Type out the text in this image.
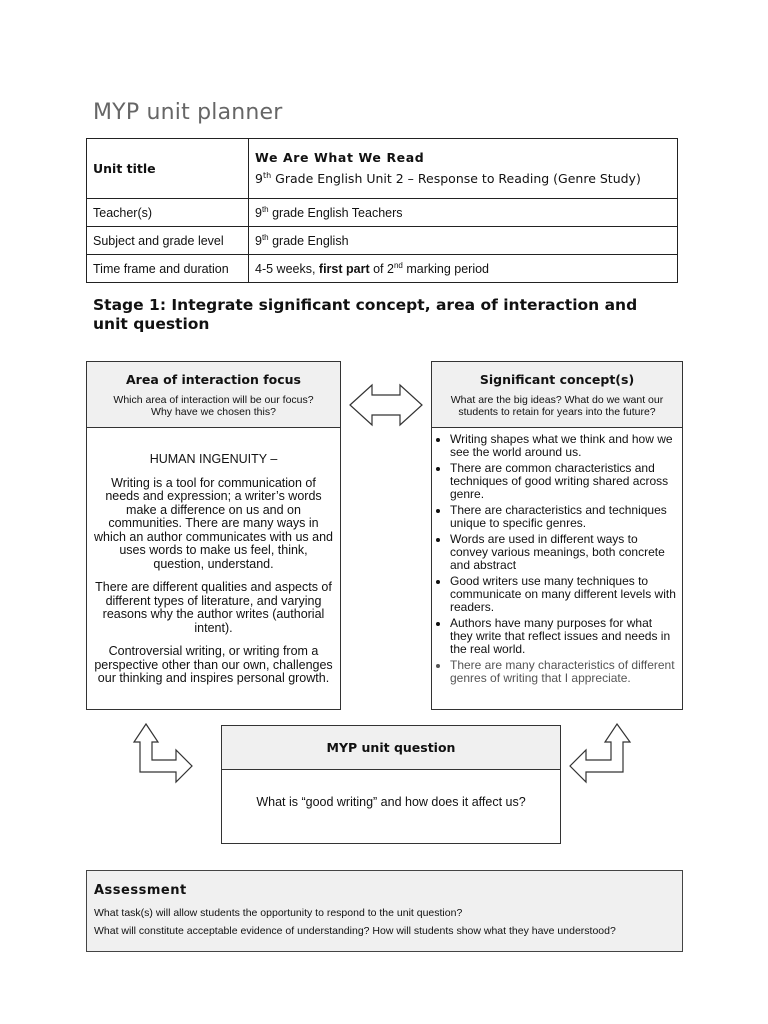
MYP unit planner
Unit title	We Are What We Read
9th Grade English Unit 2 – Response to Reading (Genre Study)

Teacher(s)	9th grade English Teachers
Subject and grade level	9th grade English
Time frame and duration	4-5 weeks, first part of 2nd marking period
Stage 1: Integrate significant concept, area of interaction and unit question
Area of interaction focus
Which area of interaction will be our focus?
Why have we chosen this?

HUMAN INGENUITY –

Writing is a tool for communication of needs and expression; a writer’s words make a difference on us and on communities. There are many ways in which an author communicates with us and uses words to make us feel, think, question, understand.

There are different qualities and aspects of different types of literature, and varying reasons why the author writes (authorial intent).

Controversial writing, or writing from a perspective other than our own, challenges our thinking and inspires personal growth.

Significant concept(s)
What are the big ideas? What do we want our
students to retain for years into the future?
• Writing shapes what we think and how we see the world around us.
• There are common characteristics and techniques of good writing shared across genre.
• There are characteristics and techniques unique to specific genres.
• Words are used in different ways to convey various meanings, both concrete and abstract
• Good writers use many techniques to communicate on many different levels with readers.
• Authors have many purposes for what they write that reflect issues and needs in the real world.
• There are many characteristics of different genres of writing that I appreciate.
MYP unit question
What is “good writing” and how does it affect us?
Assessment
What task(s) will allow students the opportunity to respond to the unit question?
What will constitute acceptable evidence of understanding? How will students show what they have understood?
